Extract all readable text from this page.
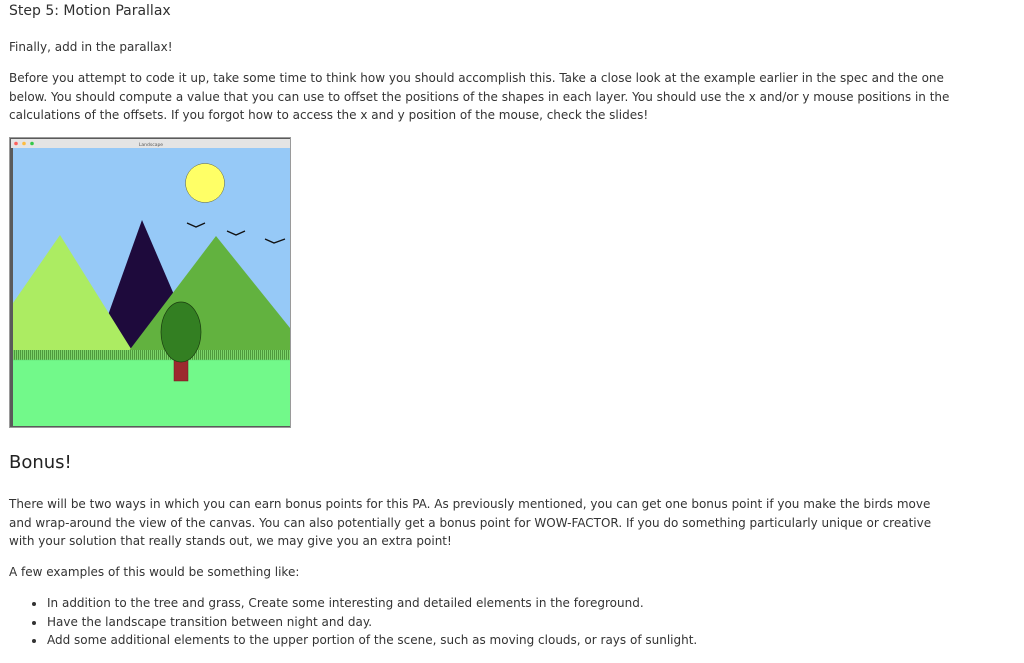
Step 5: Motion Parallax

Finally, add in the parallax!

Before you attempt to code it up, take some time to think how you should accomplish this. Take a close look at the example earlier in the spec and the one below. You should compute a value that you can use to offset the positions of the shapes in each layer. You should use the x and/or y mouse positions in the calculations of the offsets. If you forgot how to access the x and y position of the mouse, check the slides!

Landscape
Bonus!

There will be two ways in which you can earn bonus points for this PA. As previously mentioned, you can get one bonus point if you make the birds move and wrap-around the view of the canvas. You can also potentially get a bonus point for WOW-FACTOR. If you do something particularly unique or creative with your solution that really stands out, we may give you an extra point!

A few examples of this would be something like:

• In addition to the tree and grass, Create some interesting and detailed elements in the foreground.
• Have the landscape transition between night and day.
• Add some additional elements to the upper portion of the scene, such as moving clouds, or rays of sunlight.
